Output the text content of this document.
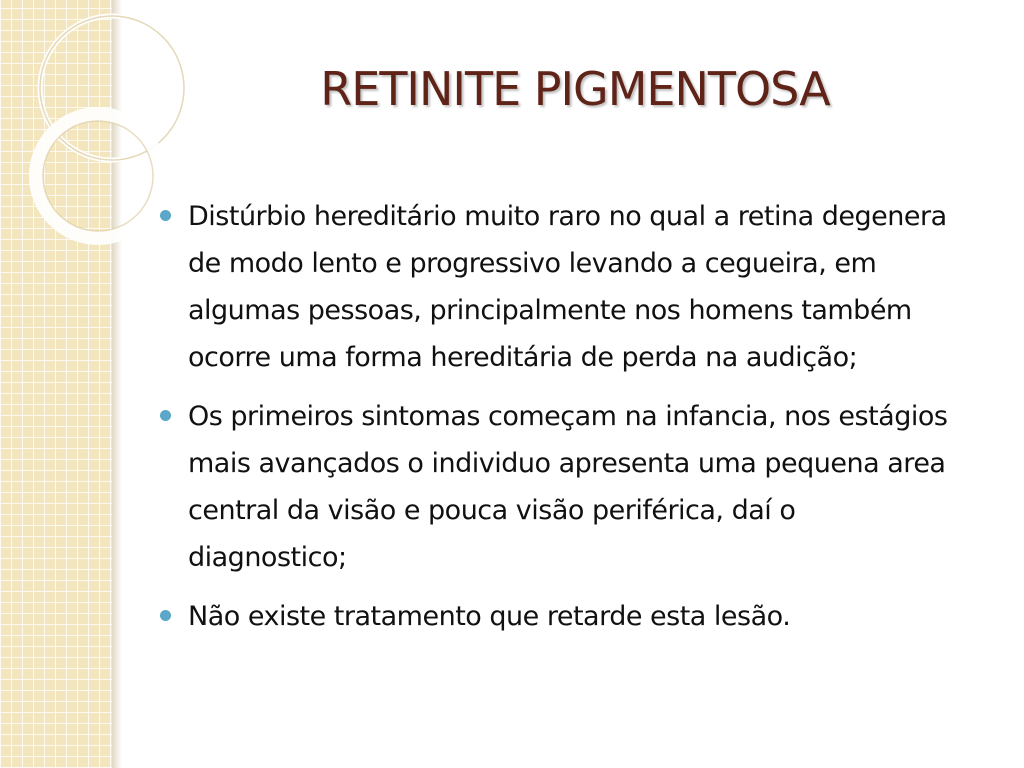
RETINITE PIGMENTOSA
Distúrbio hereditário muito raro no qual a retina degenera de modo lento e progressivo levando a cegueira, em algumas pessoas, principalmente nos homens também ocorre uma forma hereditária de perda na audição;
Os primeiros sintomas começam na infancia, nos estágios mais avançados o individuo apresenta uma pequena area central da visão e pouca visão periférica, daí o diagnostico;
Não existe tratamento que retarde esta lesão.
